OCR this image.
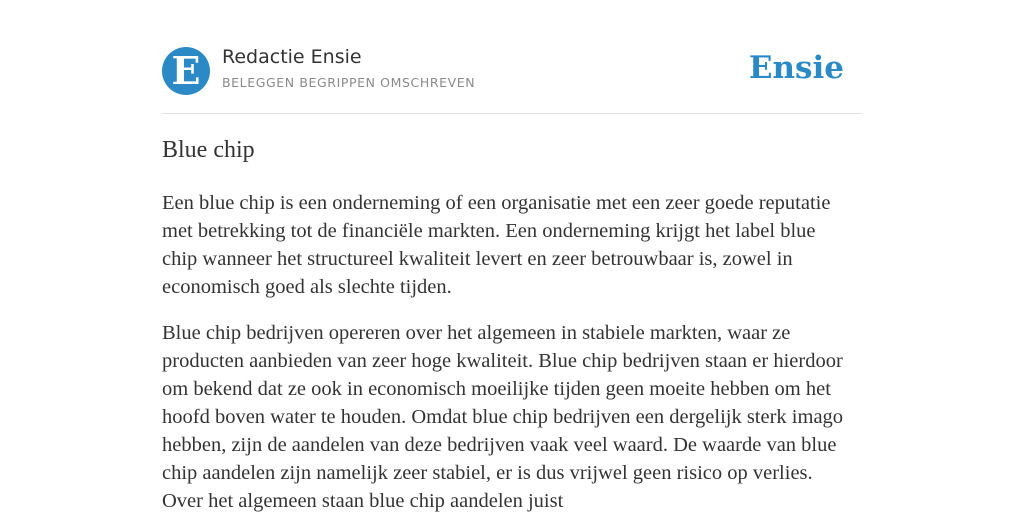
E	Redactie Ensie
BELEGGEN BEGRIPPEN OMSCHREVEN	Ensie
Blue chip

Een blue chip is een onderneming of een organisatie met een zeer goede reputatie met betrekking tot de financiële markten. Een onderneming krijgt het label blue chip wanneer het structureel kwaliteit levert en zeer betrouwbaar is, zowel in economisch goed als slechte tijden.

Blue chip bedrijven opereren over het algemeen in stabiele markten, waar ze producten aanbieden van zeer hoge kwaliteit. Blue chip bedrijven staan er hierdoor om bekend dat ze ook in economisch moeilijke tijden geen moeite hebben om het hoofd boven water te houden. Omdat blue chip bedrijven een dergelijk sterk imago hebben, zijn de aandelen van deze bedrijven vaak veel waard. De waarde van blue chip aandelen zijn namelijk zeer stabiel, er is dus vrijwel geen risico op verlies. Over het algemeen staan blue chip aandelen juist
